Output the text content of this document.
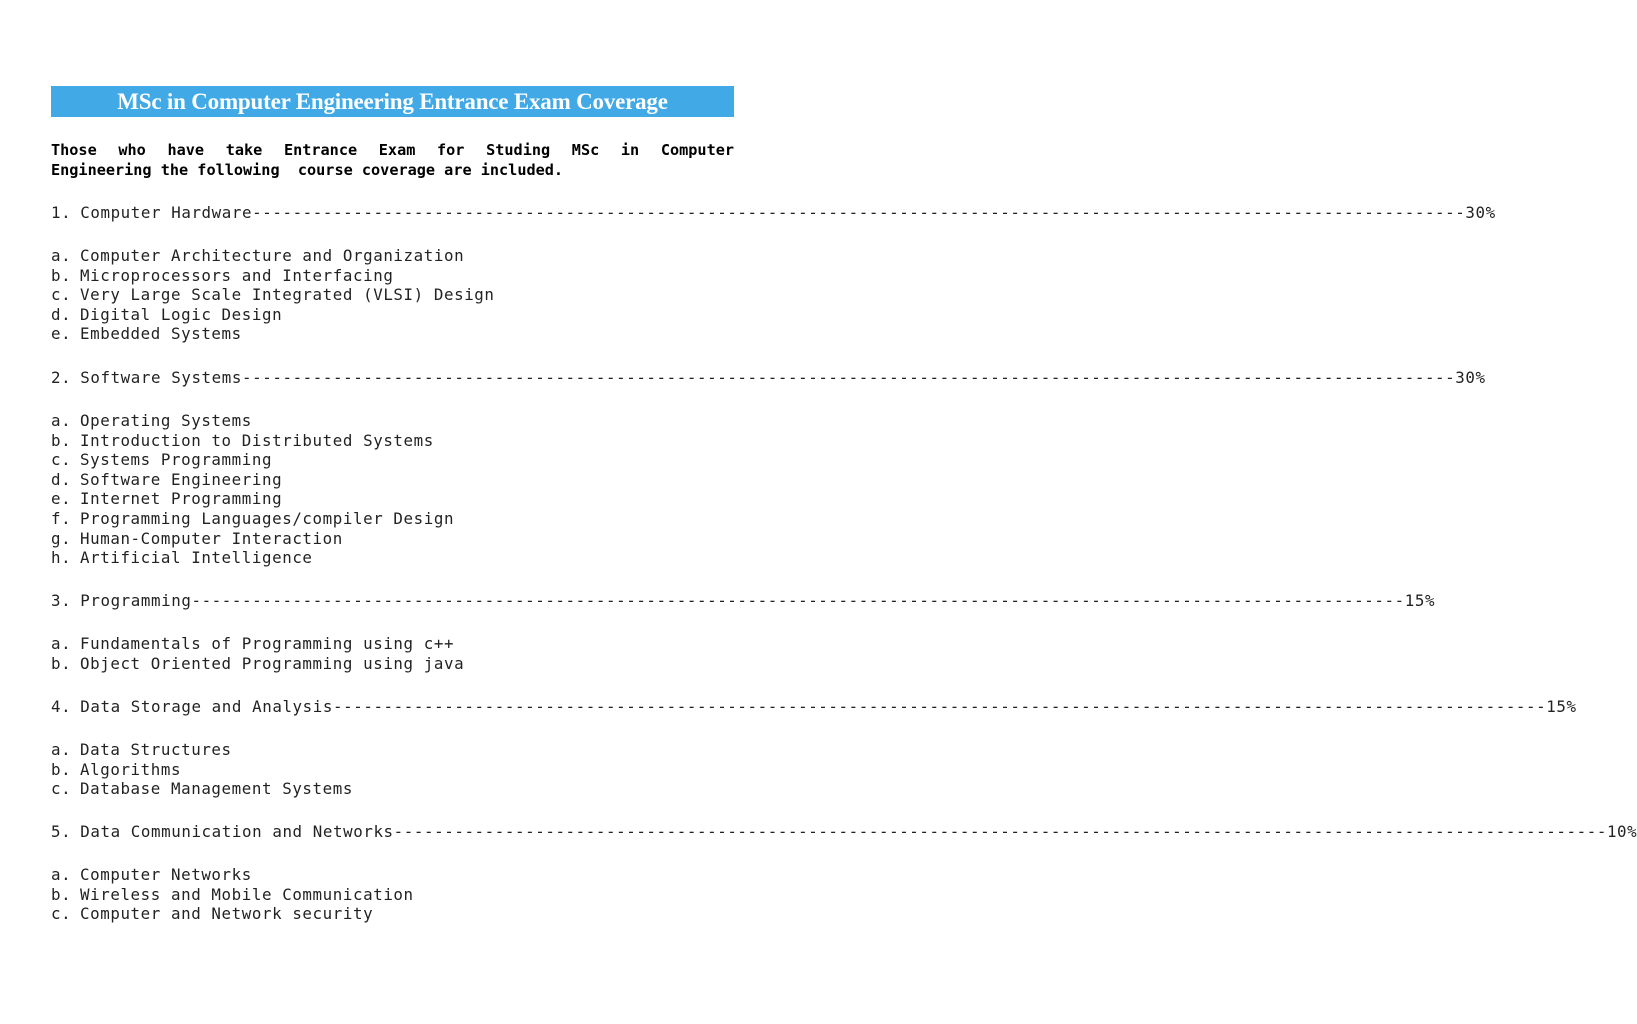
MSc in Computer Engineering Entrance Exam Coverage
Those who have take Entrance Exam for Studing MSc in Computer
Engineering the following  course coverage are included.
1. Computer Hardware ------------------------------------------------------------------------------------------------------------------------ 30%
a. Computer Architecture and Organization
b. Microprocessors and Interfacing
c. Very Large Scale Integrated (VLSI) Design
d. Digital Logic Design
e. Embedded Systems
2. Software Systems ------------------------------------------------------------------------------------------------------------------------ 30%
a. Operating Systems
b. Introduction to Distributed Systems
c. Systems Programming
d. Software Engineering
e. Internet Programming
f. Programming Languages/compiler Design
g. Human-Computer Interaction
h. Artificial Intelligence
3. Programming ------------------------------------------------------------------------------------------------------------------------ 15%
a. Fundamentals of Programming using c++
b. Object Oriented Programming using java
4. Data Storage and Analysis ------------------------------------------------------------------------------------------------------------------------ 15%
a. Data Structures
b. Algorithms
c. Database Management Systems
5. Data Communication and Networks ------------------------------------------------------------------------------------------------------------------------ 10%
a. Computer Networks
b. Wireless and Mobile Communication
c. Computer and Network security
